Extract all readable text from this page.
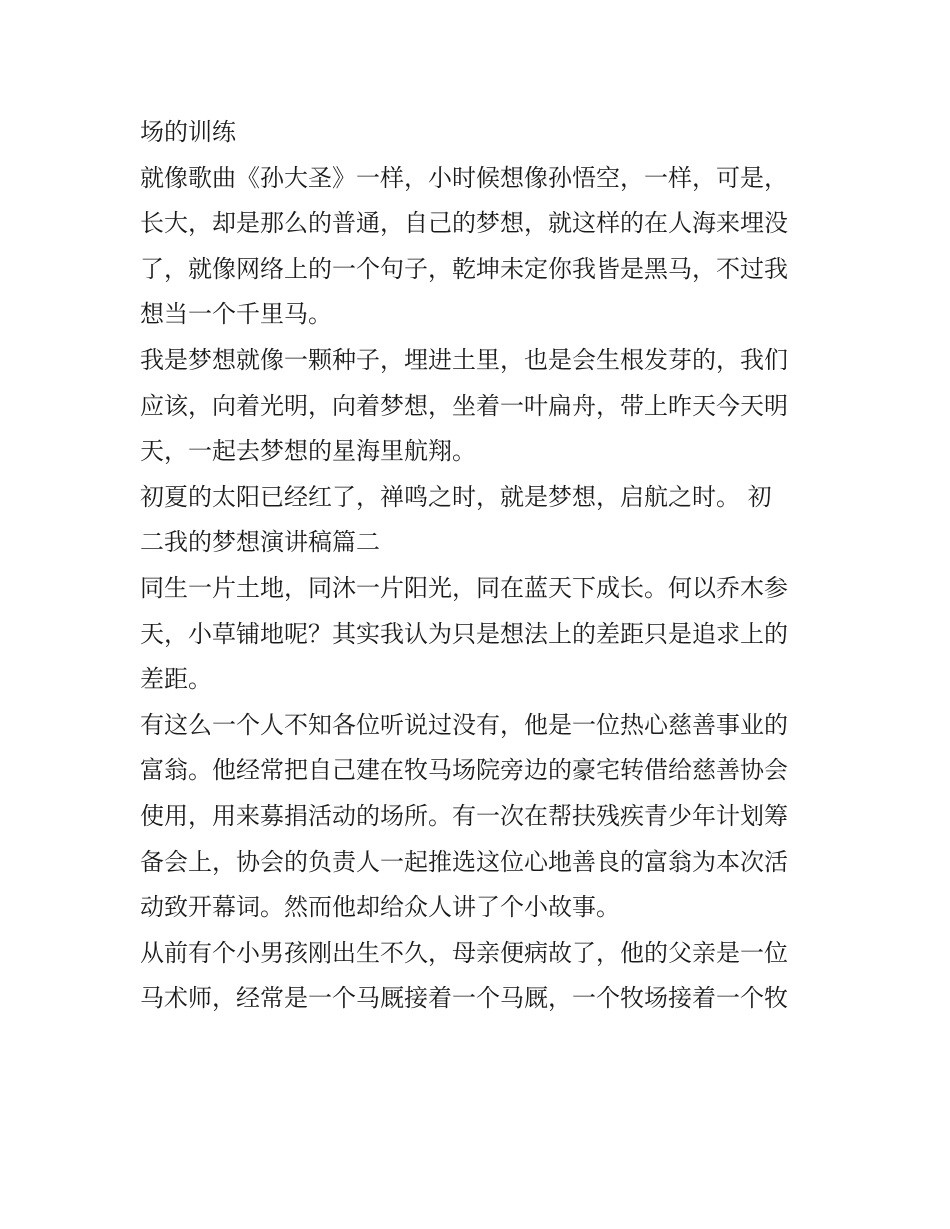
场的训练
就像歌曲《孙大圣》一样，小时候想像孙悟空，一样，可是，
长大，却是那么的普通，自己的梦想，就这样的在人海来埋没
了，就像网络上的一个句子，乾坤未定你我皆是黑马，不过我
想当一个千里马。
我是梦想就像一颗种子，埋进土里，也是会生根发芽的，我们
应该，向着光明，向着梦想，坐着一叶扁舟，带上昨天今天明
天，一起去梦想的星海里航翔。
初夏的太阳已经红了，禅鸣之时，就是梦想，启航之时。 初
二我的梦想演讲稿篇二
同生一片土地，同沐一片阳光，同在蓝天下成长。何以乔木参
天，小草铺地呢？其实我认为只是想法上的差距只是追求上的
差距。
有这么一个人不知各位听说过没有，他是一位热心慈善事业的
富翁。他经常把自己建在牧马场院旁边的豪宅转借给慈善协会
使用，用来募捐活动的场所。有一次在帮扶残疾青少年计划筹
备会上，协会的负责人一起推选这位心地善良的富翁为本次活
动致开幕词。然而他却给众人讲了个小故事。
从前有个小男孩刚出生不久，母亲便病故了，他的父亲是一位
马术师，经常是一个马厩接着一个马厩，一个牧场接着一个牧
